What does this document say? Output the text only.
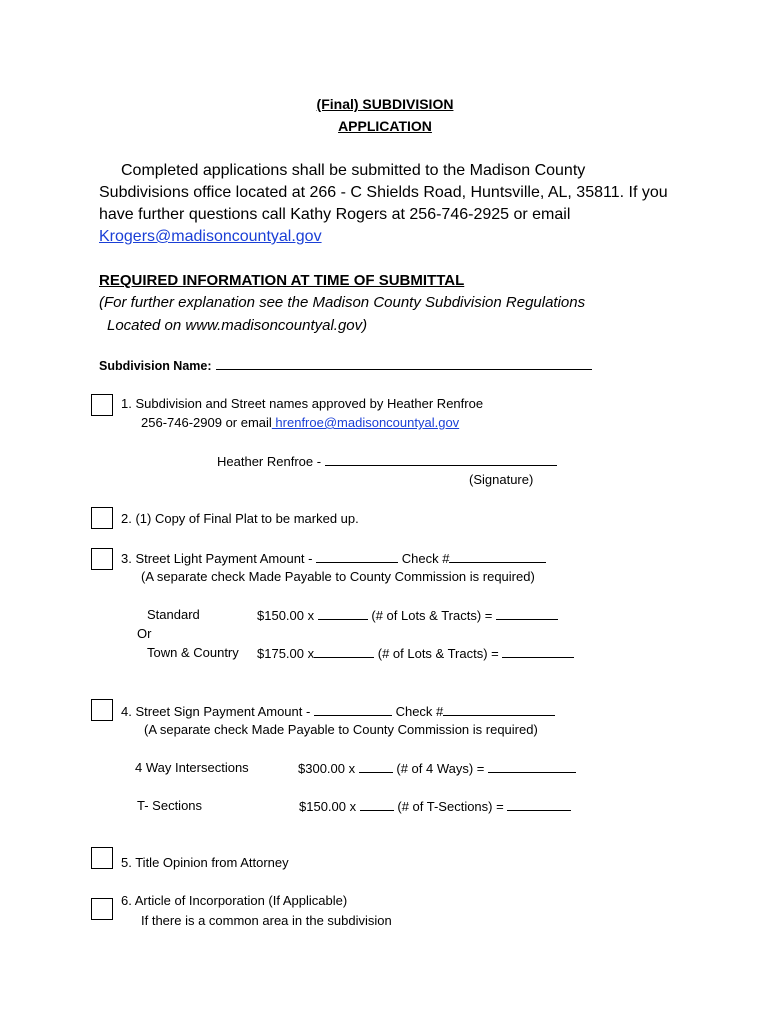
(Final) SUBDIVISION
APPLICATION
Completed applications shall be submitted to the Madison County
Subdivisions office located at 266 - C Shields Road, Huntsville, AL, 35811. If you
have further questions call Kathy Rogers at 256-746-2925 or email
Krogers@madisoncountyal.gov
REQUIRED INFORMATION AT TIME OF SUBMITTAL
(For further explanation see the Madison County Subdivision Regulations
Located on www.madisoncountyal.gov)
Subdivision Name:
1. Subdivision and Street names approved by Heather Renfroe
256-746-2909 or email hrenfroe@madisoncountyal.gov
Heather Renfroe -
(Signature)
2. (1) Copy of Final Plat to be marked up.
3. Street Light Payment Amount -	Check #
(A separate check Made Payable to County Commission is required)
Standard	$150.00 x	(# of Lots & Tracts) =
Or
Town & Country $175.00 x	(# of Lots & Tracts) =
4. Street Sign Payment Amount -	Check #
(A separate check Made Payable to County Commission is required)
4 Way Intersections	$300.00 x	(# of 4 Ways) =
T- Sections	$150.00 x	(# of T-Sections) =
5. Title Opinion from Attorney
6. Article of Incorporation (If Applicable)
If there is a common area in the subdivision
